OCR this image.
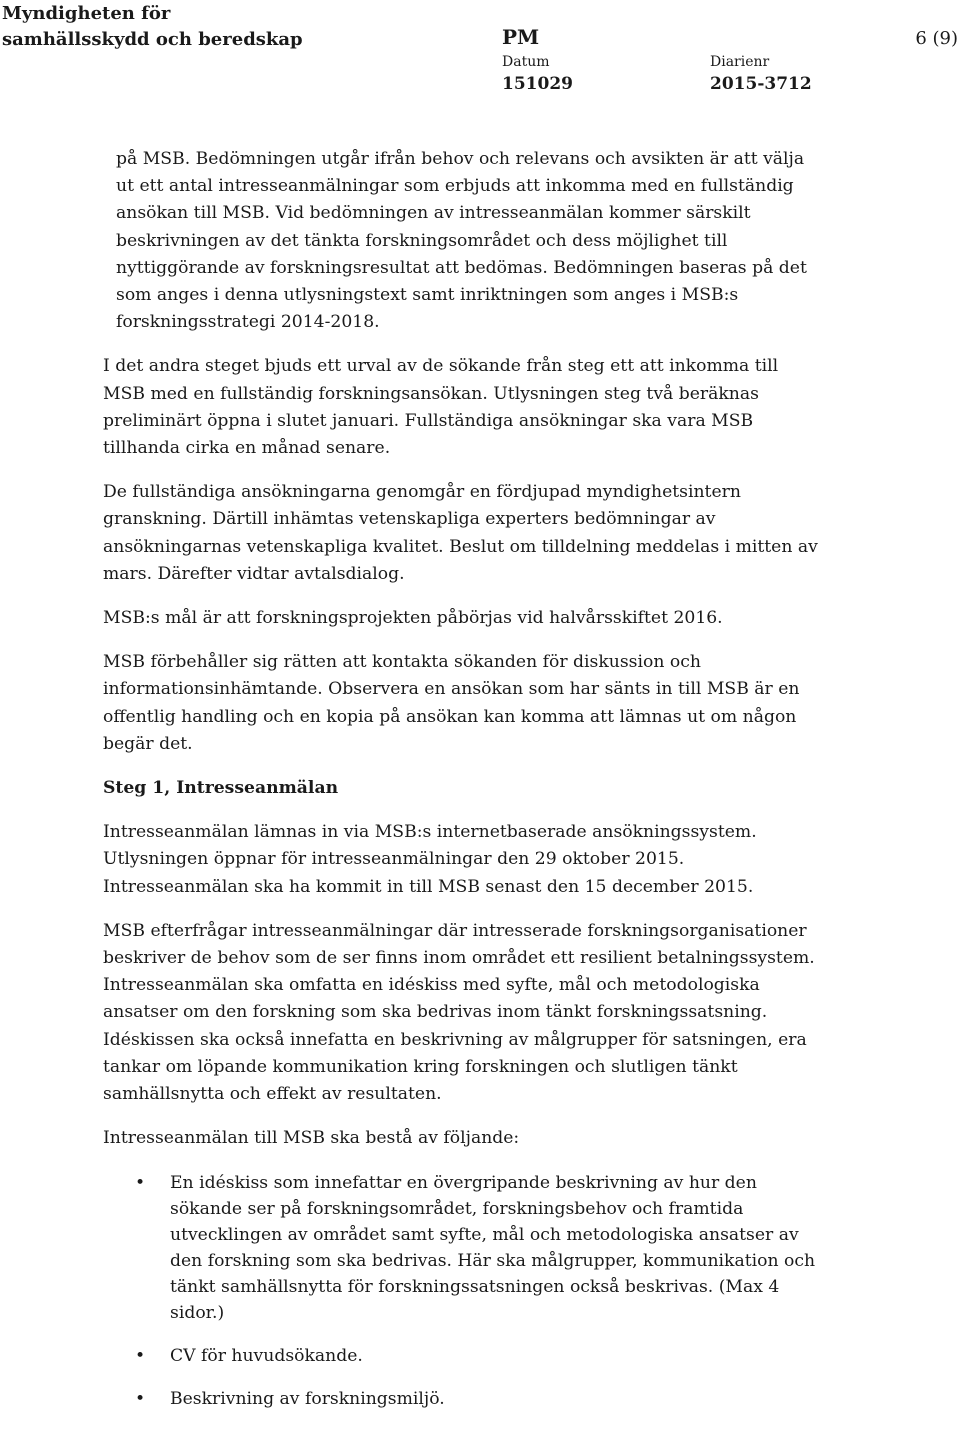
Myndigheten för
samhällsskydd och beredskap	PM	6 (9)
Datum	Diarienr
151029	2015-3712

på MSB. Bedömningen utgår ifrån behov och relevans och avsikten är att välja ut ett antal intresseanmälningar som erbjuds att inkomma med en fullständig ansökan till MSB. Vid bedömningen av intresseanmälan kommer särskilt beskrivningen av det tänkta forskningsområdet och dess möjlighet till nyttiggörande av forskningsresultat att bedömas. Bedömningen baseras på det som anges i denna utlysningstext samt inriktningen som anges i MSB:s forskningsstrategi 2014-2018.

I det andra steget bjuds ett urval av de sökande från steg ett att inkomma till MSB med en fullständig forskningsansökan. Utlysningen steg två beräknas preliminärt öppna i slutet januari. Fullständiga ansökningar ska vara MSB tillhanda cirka en månad senare.

De fullständiga ansökningarna genomgår en fördjupad myndighetsintern granskning. Därtill inhämtas vetenskapliga experters bedömningar av ansökningarnas vetenskapliga kvalitet. Beslut om tilldelning meddelas i mitten av mars. Därefter vidtar avtalsdialog.

MSB:s mål är att forskningsprojekten påbörjas vid halvårsskiftet 2016.

MSB förbehåller sig rätten att kontakta sökanden för diskussion och informationsinhämtande. Observera en ansökan som har sänts in till MSB är en offentlig handling och en kopia på ansökan kan komma att lämnas ut om någon begär det.

Steg 1, Intresseanmälan

Intresseanmälan lämnas in via MSB:s internetbaserade ansökningssystem. Utlysningen öppnar för intresseanmälningar den 29 oktober 2015. Intresseanmälan ska ha kommit in till MSB senast den 15 december 2015.

MSB efterfrågar intresseanmälningar där intresserade forskningsorganisationer beskriver de behov som de ser finns inom området ett resilient betalningssystem. Intresseanmälan ska omfatta en idéskiss med syfte, mål och metodologiska ansatser om den forskning som ska bedrivas inom tänkt forskningssatsning. Idéskissen ska också innefatta en beskrivning av målgrupper för satsningen, era tankar om löpande kommunikation kring forskningen och slutligen tänkt samhällsnytta och effekt av resultaten.

Intresseanmälan till MSB ska bestå av följande:

• En idéskiss som innefattar en övergripande beskrivning av hur den sökande ser på forskningsområdet, forskningsbehov och framtida utvecklingen av området samt syfte, mål och metodologiska ansatser av den forskning som ska bedrivas. Här ska målgrupper, kommunikation och tänkt samhällsnytta för forskningssatsningen också beskrivas. (Max 4 sidor.)
• CV för huvudsökande.
• Beskrivning av forskningsmiljö.
